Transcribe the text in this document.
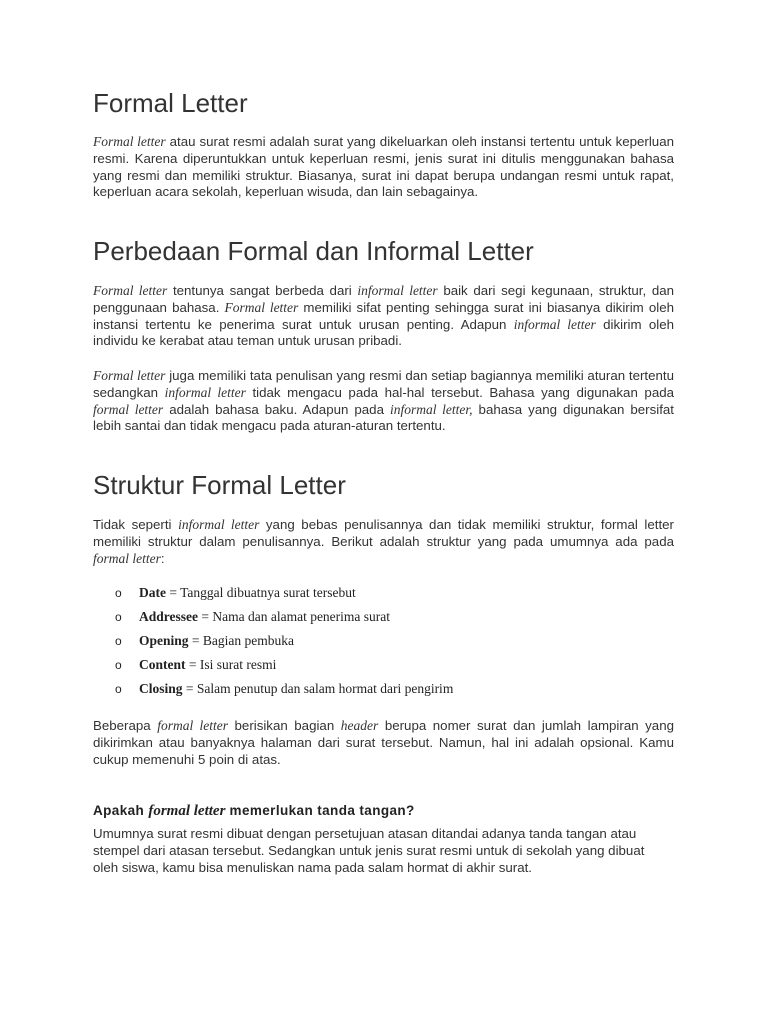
Formal Letter

Formal letter atau surat resmi adalah surat yang dikeluarkan oleh instansi tertentu untuk keperluan resmi. Karena diperuntukkan untuk keperluan resmi, jenis surat ini ditulis menggunakan bahasa yang resmi dan memiliki struktur. Biasanya, surat ini dapat berupa undangan resmi untuk rapat, keperluan acara sekolah, keperluan wisuda, dan lain sebagainya.

Perbedaan Formal dan Informal Letter

Formal letter tentunya sangat berbeda dari informal letter baik dari segi kegunaan, struktur, dan penggunaan bahasa. Formal letter memiliki sifat penting sehingga surat ini biasanya dikirim oleh instansi tertentu ke penerima surat untuk urusan penting. Adapun informal letter dikirim oleh individu ke kerabat atau teman untuk urusan pribadi.

Formal letter juga memiliki tata penulisan yang resmi dan setiap bagiannya memiliki aturan tertentu sedangkan informal letter tidak mengacu pada hal-hal tersebut. Bahasa yang digunakan pada formal letter adalah bahasa baku. Adapun pada informal letter, bahasa yang digunakan bersifat lebih santai dan tidak mengacu pada aturan-aturan tertentu.

Struktur Formal Letter

Tidak seperti informal letter yang bebas penulisannya dan tidak memiliki struktur, formal letter memiliki struktur dalam penulisannya. Berikut adalah struktur yang pada umumnya ada pada formal letter:

o Date = Tanggal dibuatnya surat tersebut
o Addressee = Nama dan alamat penerima surat
o Opening = Bagian pembuka
o Content = Isi surat resmi
o Closing = Salam penutup dan salam hormat dari pengirim

Beberapa formal letter berisikan bagian header berupa nomer surat dan jumlah lampiran yang dikirimkan atau banyaknya halaman dari surat tersebut. Namun, hal ini adalah opsional. Kamu cukup memenuhi 5 poin di atas.

Apakah formal letter memerlukan tanda tangan?

Umumnya surat resmi dibuat dengan persetujuan atasan ditandai adanya tanda tangan atau stempel dari atasan tersebut. Sedangkan untuk jenis surat resmi untuk di sekolah yang dibuat oleh siswa, kamu bisa menuliskan nama pada salam hormat di akhir surat.
